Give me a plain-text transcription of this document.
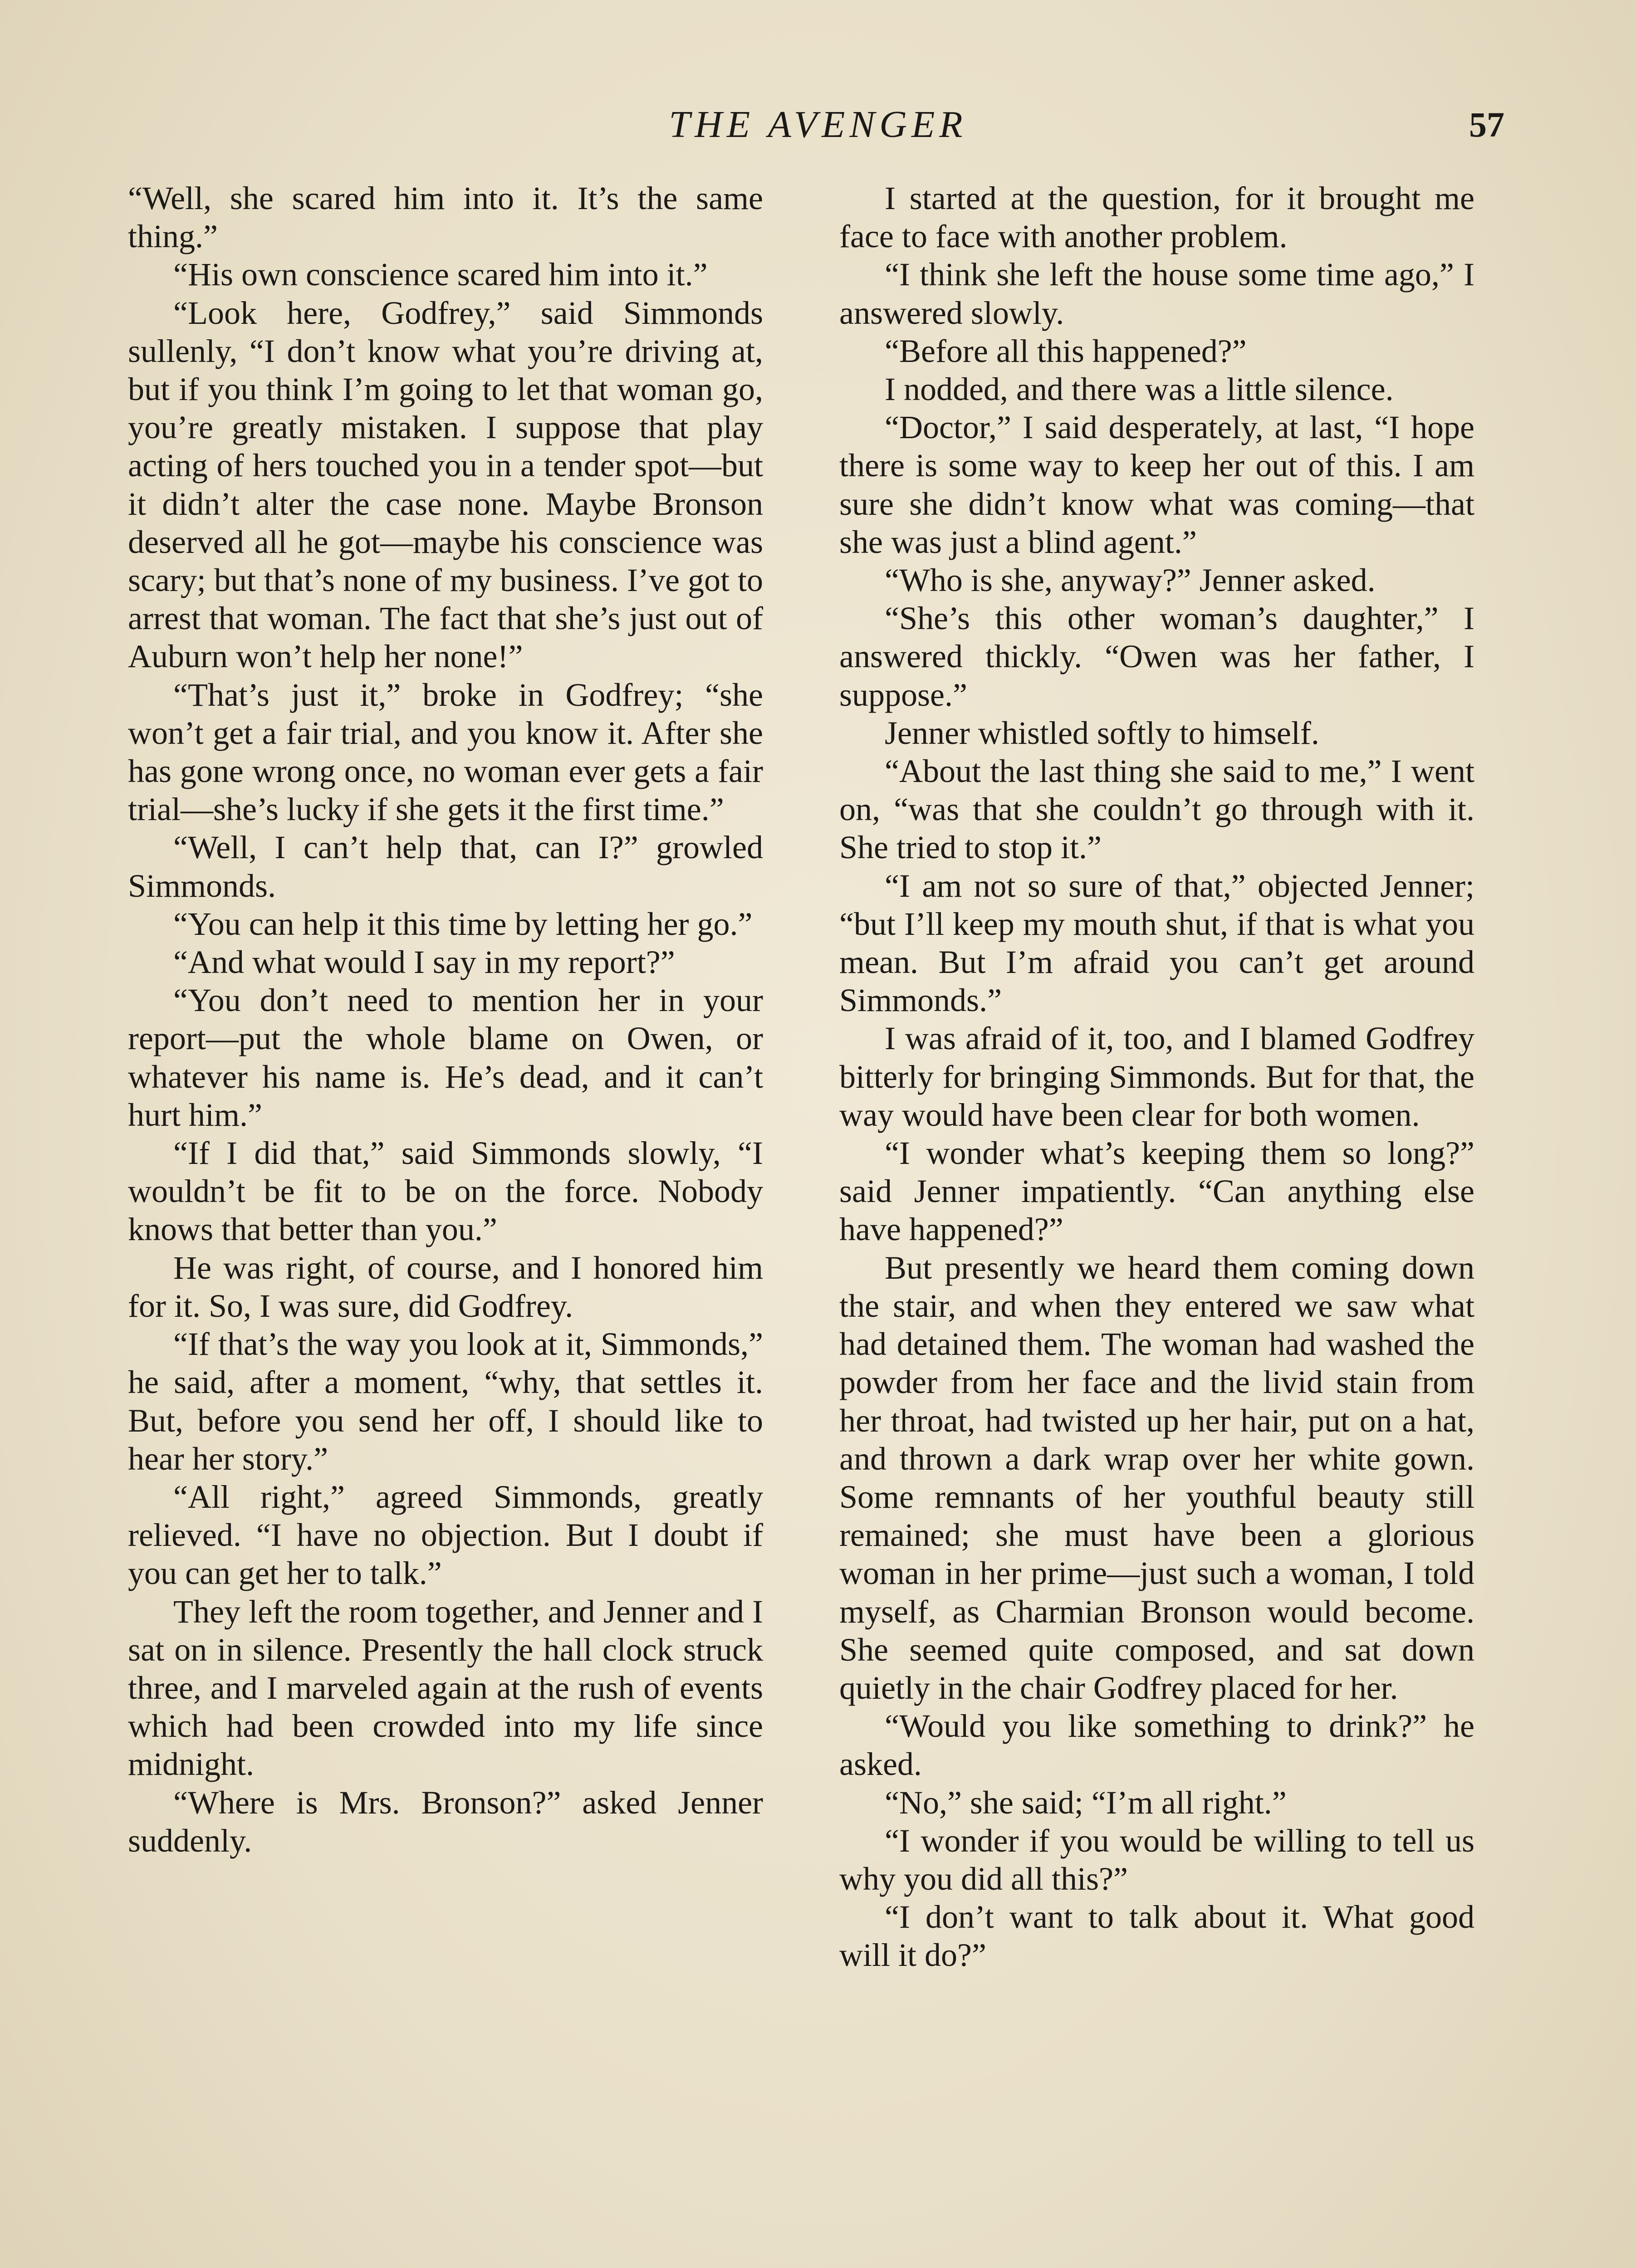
THE AVENGER	57

“Well, she scared him into it. It’s the same thing.”

“His own conscience scared him into it.”

“Look here, Godfrey,” said Simmonds sullenly, “I don’t know what you’re driving at, but if you think I’m going to let that woman go, you’re greatly mistaken. I suppose that play acting of hers touched you in a tender spot—but it didn’t alter the case none. Maybe Bronson deserved all he got—maybe his conscience was scary; but that’s none of my business. I’ve got to arrest that woman. The fact that she’s just out of Auburn won’t help her none!”

“That’s just it,” broke in Godfrey; “she won’t get a fair trial, and you know it. After she has gone wrong once, no woman ever gets a fair trial—she’s lucky if she gets it the first time.”

“Well, I can’t help that, can I?” growled Simmonds.

“You can help it this time by letting her go.”

“And what would I say in my report?”

“You don’t need to mention her in your report—put the whole blame on Owen, or whatever his name is. He’s dead, and it can’t hurt him.”

“If I did that,” said Simmonds slowly, “I wouldn’t be fit to be on the force. Nobody knows that better than you.”

He was right, of course, and I honored him for it. So, I was sure, did Godfrey.

“If that’s the way you look at it, Simmonds,” he said, after a moment, “why, that settles it. But, before you send her off, I should like to hear her story.”

“All right,” agreed Simmonds, greatly relieved. “I have no objection. But I doubt if you can get her to talk.”

They left the room together, and Jenner and I sat on in silence. Presently the hall clock struck three, and I marveled again at the rush of events which had been crowded into my life since midnight.

“Where is Mrs. Bronson?” asked Jenner suddenly.

I started at the question, for it brought me face to face with another problem.

“I think she left the house some time ago,” I answered slowly.

“Before all this happened?”

I nodded, and there was a little silence.

“Doctor,” I said desperately, at last, “I hope there is some way to keep her out of this. I am sure she didn’t know what was coming—that she was just a blind agent.”

“Who is she, anyway?” Jenner asked.

“She’s this other woman’s daughter,” I answered thickly. “Owen was her father, I suppose.”

Jenner whistled softly to himself.

“About the last thing she said to me,” I went on, “was that she couldn’t go through with it. She tried to stop it.”

“I am not so sure of that,” objected Jenner; “but I’ll keep my mouth shut, if that is what you mean. But I’m afraid you can’t get around Simmonds.”

I was afraid of it, too, and I blamed Godfrey bitterly for bringing Simmonds. But for that, the way would have been clear for both women.

“I wonder what’s keeping them so long?” said Jenner impatiently. “Can anything else have happened?”

But presently we heard them coming down the stair, and when they entered we saw what had detained them. The woman had washed the powder from her face and the livid stain from her throat, had twisted up her hair, put on a hat, and thrown a dark wrap over her white gown. Some remnants of her youthful beauty still remained; she must have been a glorious woman in her prime—just such a woman, I told myself, as Charmian Bronson would become. She seemed quite composed, and sat down quietly in the chair Godfrey placed for her.

“Would you like something to drink?” he asked.

“No,” she said; “I’m all right.”

“I wonder if you would be willing to tell us why you did all this?”

“I don’t want to talk about it. What good will it do?”
